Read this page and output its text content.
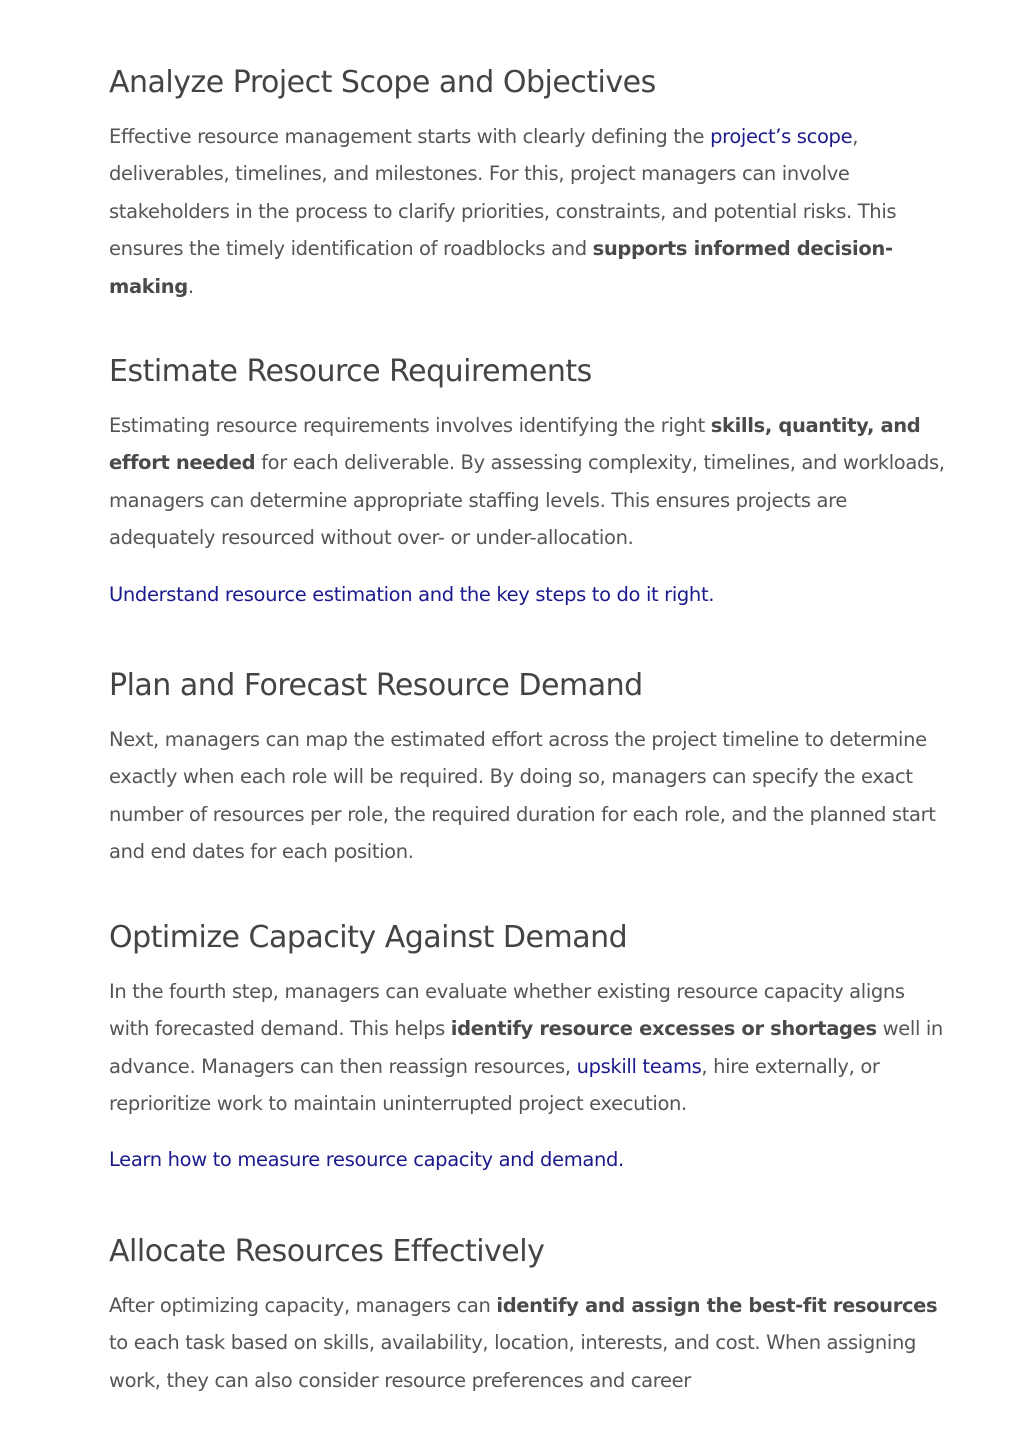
Analyze Project Scope and Objectives

Effective resource management starts with clearly defining the project’s scope, deliverables, timelines, and milestones. For this, project managers can involve stakeholders in the process to clarify priorities, constraints, and potential risks. This ensures the timely identification of roadblocks and supports informed decision-making.

Estimate Resource Requirements

Estimating resource requirements involves identifying the right skills, quantity, and effort needed for each deliverable. By assessing complexity, timelines, and workloads, managers can determine appropriate staffing levels. This ensures projects are adequately resourced without over- or under-allocation.

Understand resource estimation and the key steps to do it right.

Plan and Forecast Resource Demand

Next, managers can map the estimated effort across the project timeline to determine exactly when each role will be required. By doing so, managers can specify the exact number of resources per role, the required duration for each role, and the planned start and end dates for each position.

Optimize Capacity Against Demand

In the fourth step, managers can evaluate whether existing resource capacity aligns with forecasted demand. This helps identify resource excesses or shortages well in advance. Managers can then reassign resources, upskill teams, hire externally, or reprioritize work to maintain uninterrupted project execution.

Learn how to measure resource capacity and demand.

Allocate Resources Effectively

After optimizing capacity, managers can identify and assign the best-fit resources to each task based on skills, availability, location, interests, and cost. When assigning work, they can also consider resource preferences and career
